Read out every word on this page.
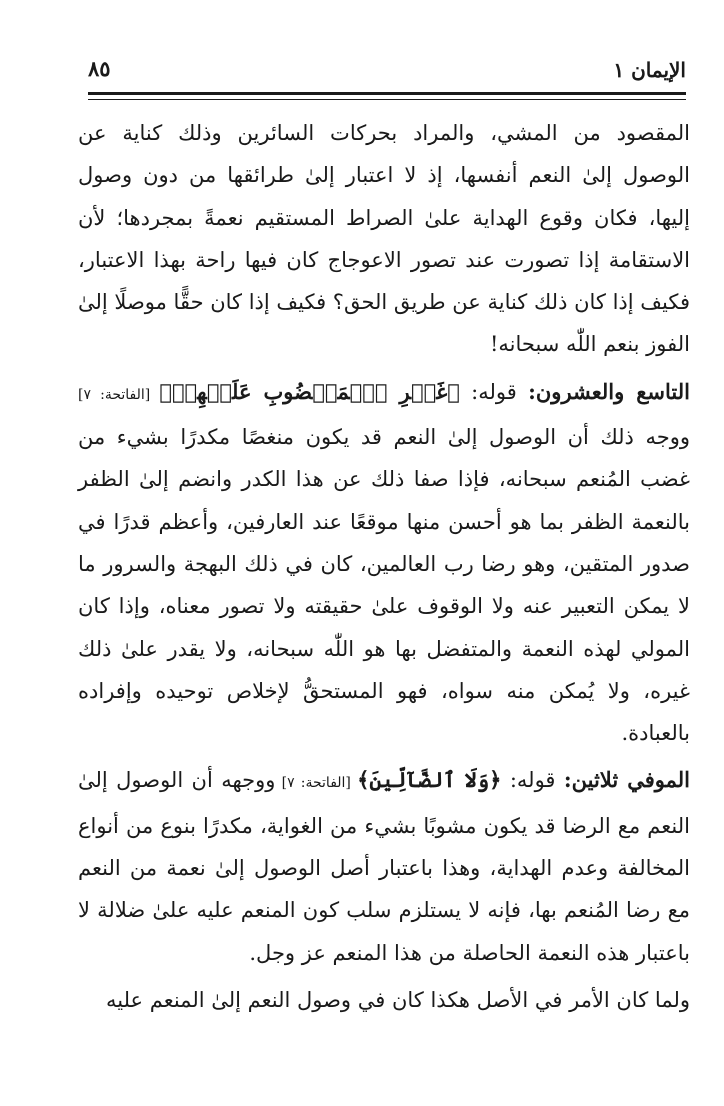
الإيمان ١
٨٥

المقصود من المشي، والمراد بحركات السائرين وذلك كناية عن الوصول إلىٰ النعم أنفسها، إذ لا اعتبار إلىٰ طرائقها من دون وصول إليها، فكان وقوع الهداية علىٰ الصراط المستقيم نعمةً بمجردها؛ لأن الاستقامة إذا تصورت عند تصور الاعوجاج كان فيها راحة بهذا الاعتبار، فكيف إذا كان ذلك كناية عن طريق الحق؟ فكيف إذا كان حقًّا موصلًا إلىٰ الفوز بنعم اللّٰه سبحانه!

التاسع والعشرون: قوله: ﴿غَيۡرِ ٱلۡمَغۡضُوبِ عَلَيۡهِمۡ﴾ [الفاتحة: ٧] ووجه ذلك أن الوصول إلىٰ النعم قد يكون منغصًا مكدرًا بشيء من غضب المُنعم سبحانه، فإذا صفا ذلك عن هذا الكدر وانضم إلىٰ الظفر بالنعمة الظفر بما هو أحسن منها موقعًا عند العارفين، وأعظم قدرًا في صدور المتقين، وهو رضا رب العالمين، كان في ذلك البهجة والسرور ما لا يمكن التعبير عنه ولا الوقوف علىٰ حقيقته ولا تصور معناه، وإذا كان المولي لهذه النعمة والمتفضل بها هو اللّٰه سبحانه، ولا يقدر علىٰ ذلك غيره، ولا يُمكن منه سواه، فهو المستحقُّ لإخلاص توحيده وإفراده بالعبادة.

الموفي ثلاثين: قوله: ﴿وَلَا ٱلضَّآلِّينَ﴾ [الفاتحة: ٧] ووجهه أن الوصول إلىٰ النعم مع الرضا قد يكون مشوبًا بشيء من الغواية، مكدرًا بنوع من أنواع المخالفة وعدم الهداية، وهذا باعتبار أصل الوصول إلىٰ نعمة من النعم مع رضا المُنعم بها، فإنه لا يستلزم سلب كون المنعم عليه علىٰ ضلالة لا باعتبار هذه النعمة الحاصلة من هذا المنعم عز وجل.

ولما كان الأمر في الأصل هكذا كان في وصول النعم إلىٰ المنعم عليه
